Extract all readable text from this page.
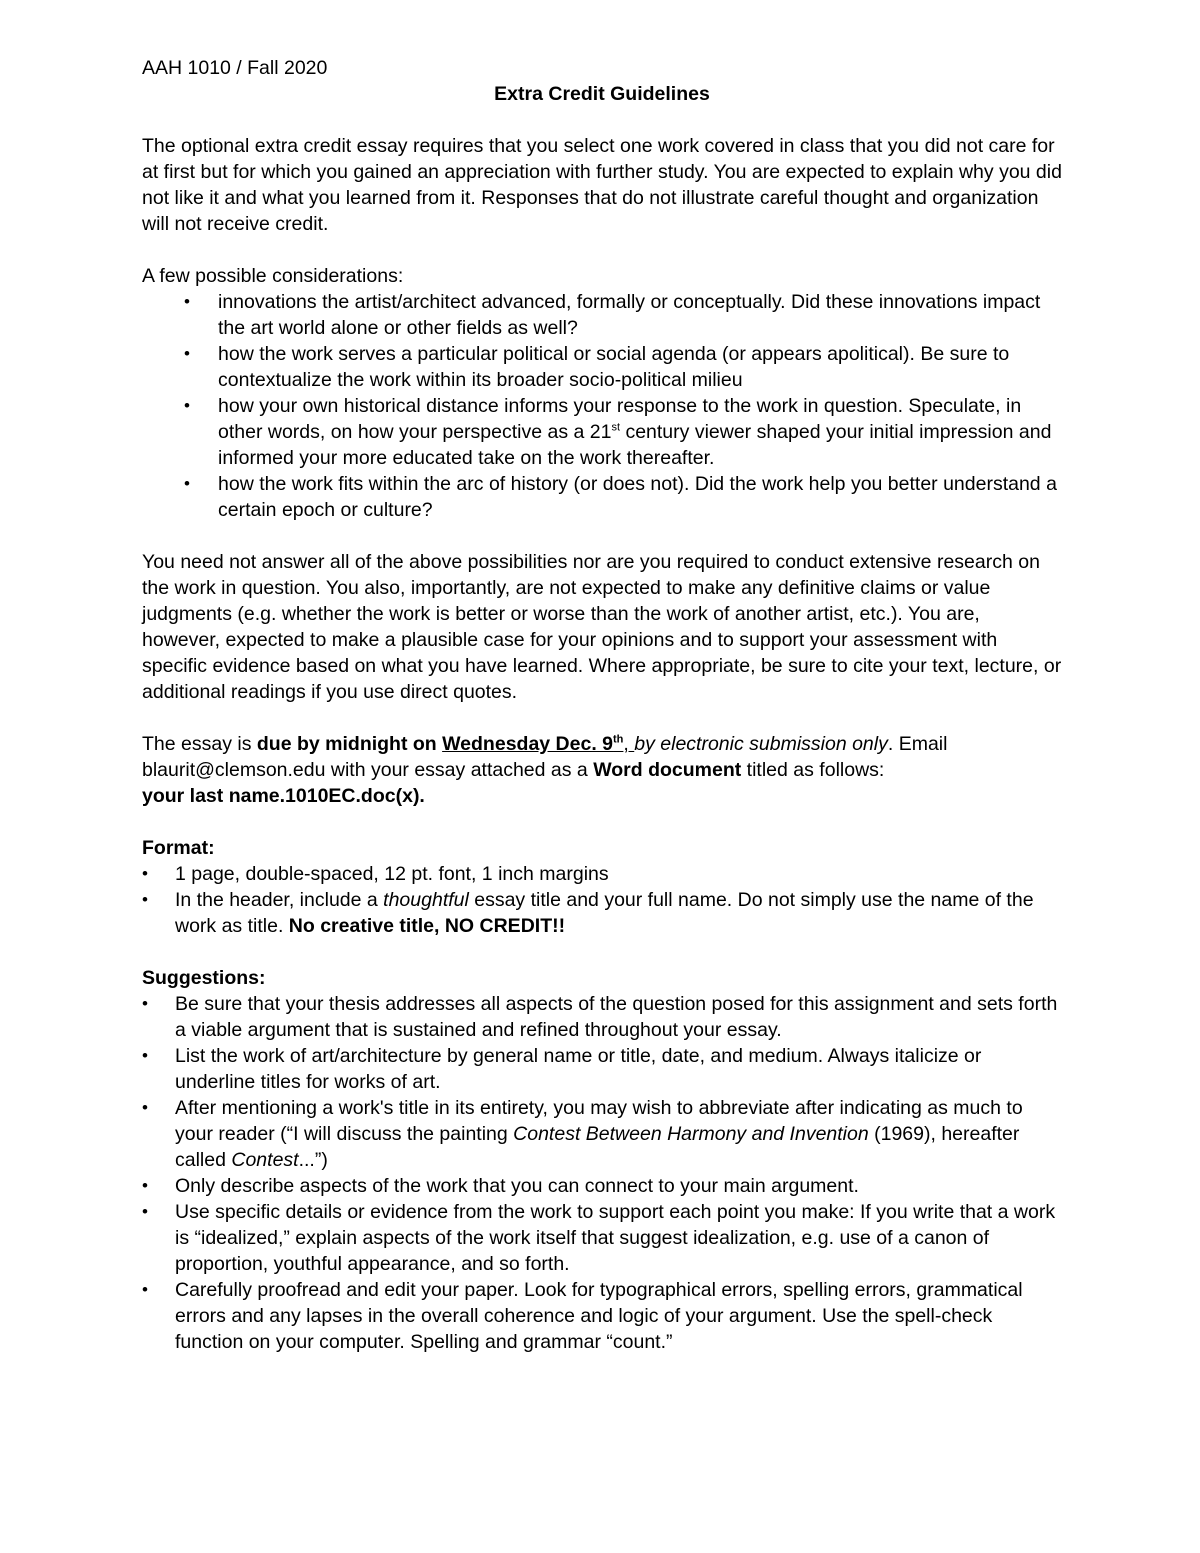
AAH 1010 / Fall 2020

Extra Credit Guidelines

The optional extra credit essay requires that you select one work covered in class that you did not care for at first but for which you gained an appreciation with further study. You are expected to explain why you did not like it and what you learned from it. Responses that do not illustrate careful thought and organization will not receive credit.

A few possible considerations:

• innovations the artist/architect advanced, formally or conceptually. Did these innovations impact the art world alone or other fields as well?
• how the work serves a particular political or social agenda (or appears apolitical). Be sure to contextualize the work within its broader socio-political milieu
• how your own historical distance informs your response to the work in question. Speculate, in other words, on how your perspective as a 21st century viewer shaped your initial impression and informed your more educated take on the work thereafter.
• how the work fits within the arc of history (or does not). Did the work help you better understand a certain epoch or culture?

You need not answer all of the above possibilities nor are you required to conduct extensive research on the work in question. You also, importantly, are not expected to make any definitive claims or value judgments (e.g. whether the work is better or worse than the work of another artist, etc.). You are, however, expected to make a plausible case for your opinions and to support your assessment with specific evidence based on what you have learned. Where appropriate, be sure to cite your text, lecture, or additional readings if you use direct quotes.

The essay is due by midnight on Wednesday Dec. 9th, by electronic submission only. Email blaurit@clemson.edu with your essay attached as a Word document titled as follows:
your last name.1010EC.doc(x).

Format:

• 1 page, double-spaced, 12 pt. font, 1 inch margins
• In the header, include a thoughtful essay title and your full name. Do not simply use the name of the work as title. No creative title, NO CREDIT!!

Suggestions:

• Be sure that your thesis addresses all aspects of the question posed for this assignment and sets forth a viable argument that is sustained and refined throughout your essay.
• List the work of art/architecture by general name or title, date, and medium. Always italicize or underline titles for works of art.
• After mentioning a work's title in its entirety, you may wish to abbreviate after indicating as much to your reader (“I will discuss the painting Contest Between Harmony and Invention (1969), hereafter called Contest...”)
• Only describe aspects of the work that you can connect to your main argument.
• Use specific details or evidence from the work to support each point you make: If you write that a work is “idealized,” explain aspects of the work itself that suggest idealization, e.g. use of a canon of proportion, youthful appearance, and so forth.
• Carefully proofread and edit your paper. Look for typographical errors, spelling errors, grammatical errors and any lapses in the overall coherence and logic of your argument. Use the spell-check function on your computer. Spelling and grammar “count.”
